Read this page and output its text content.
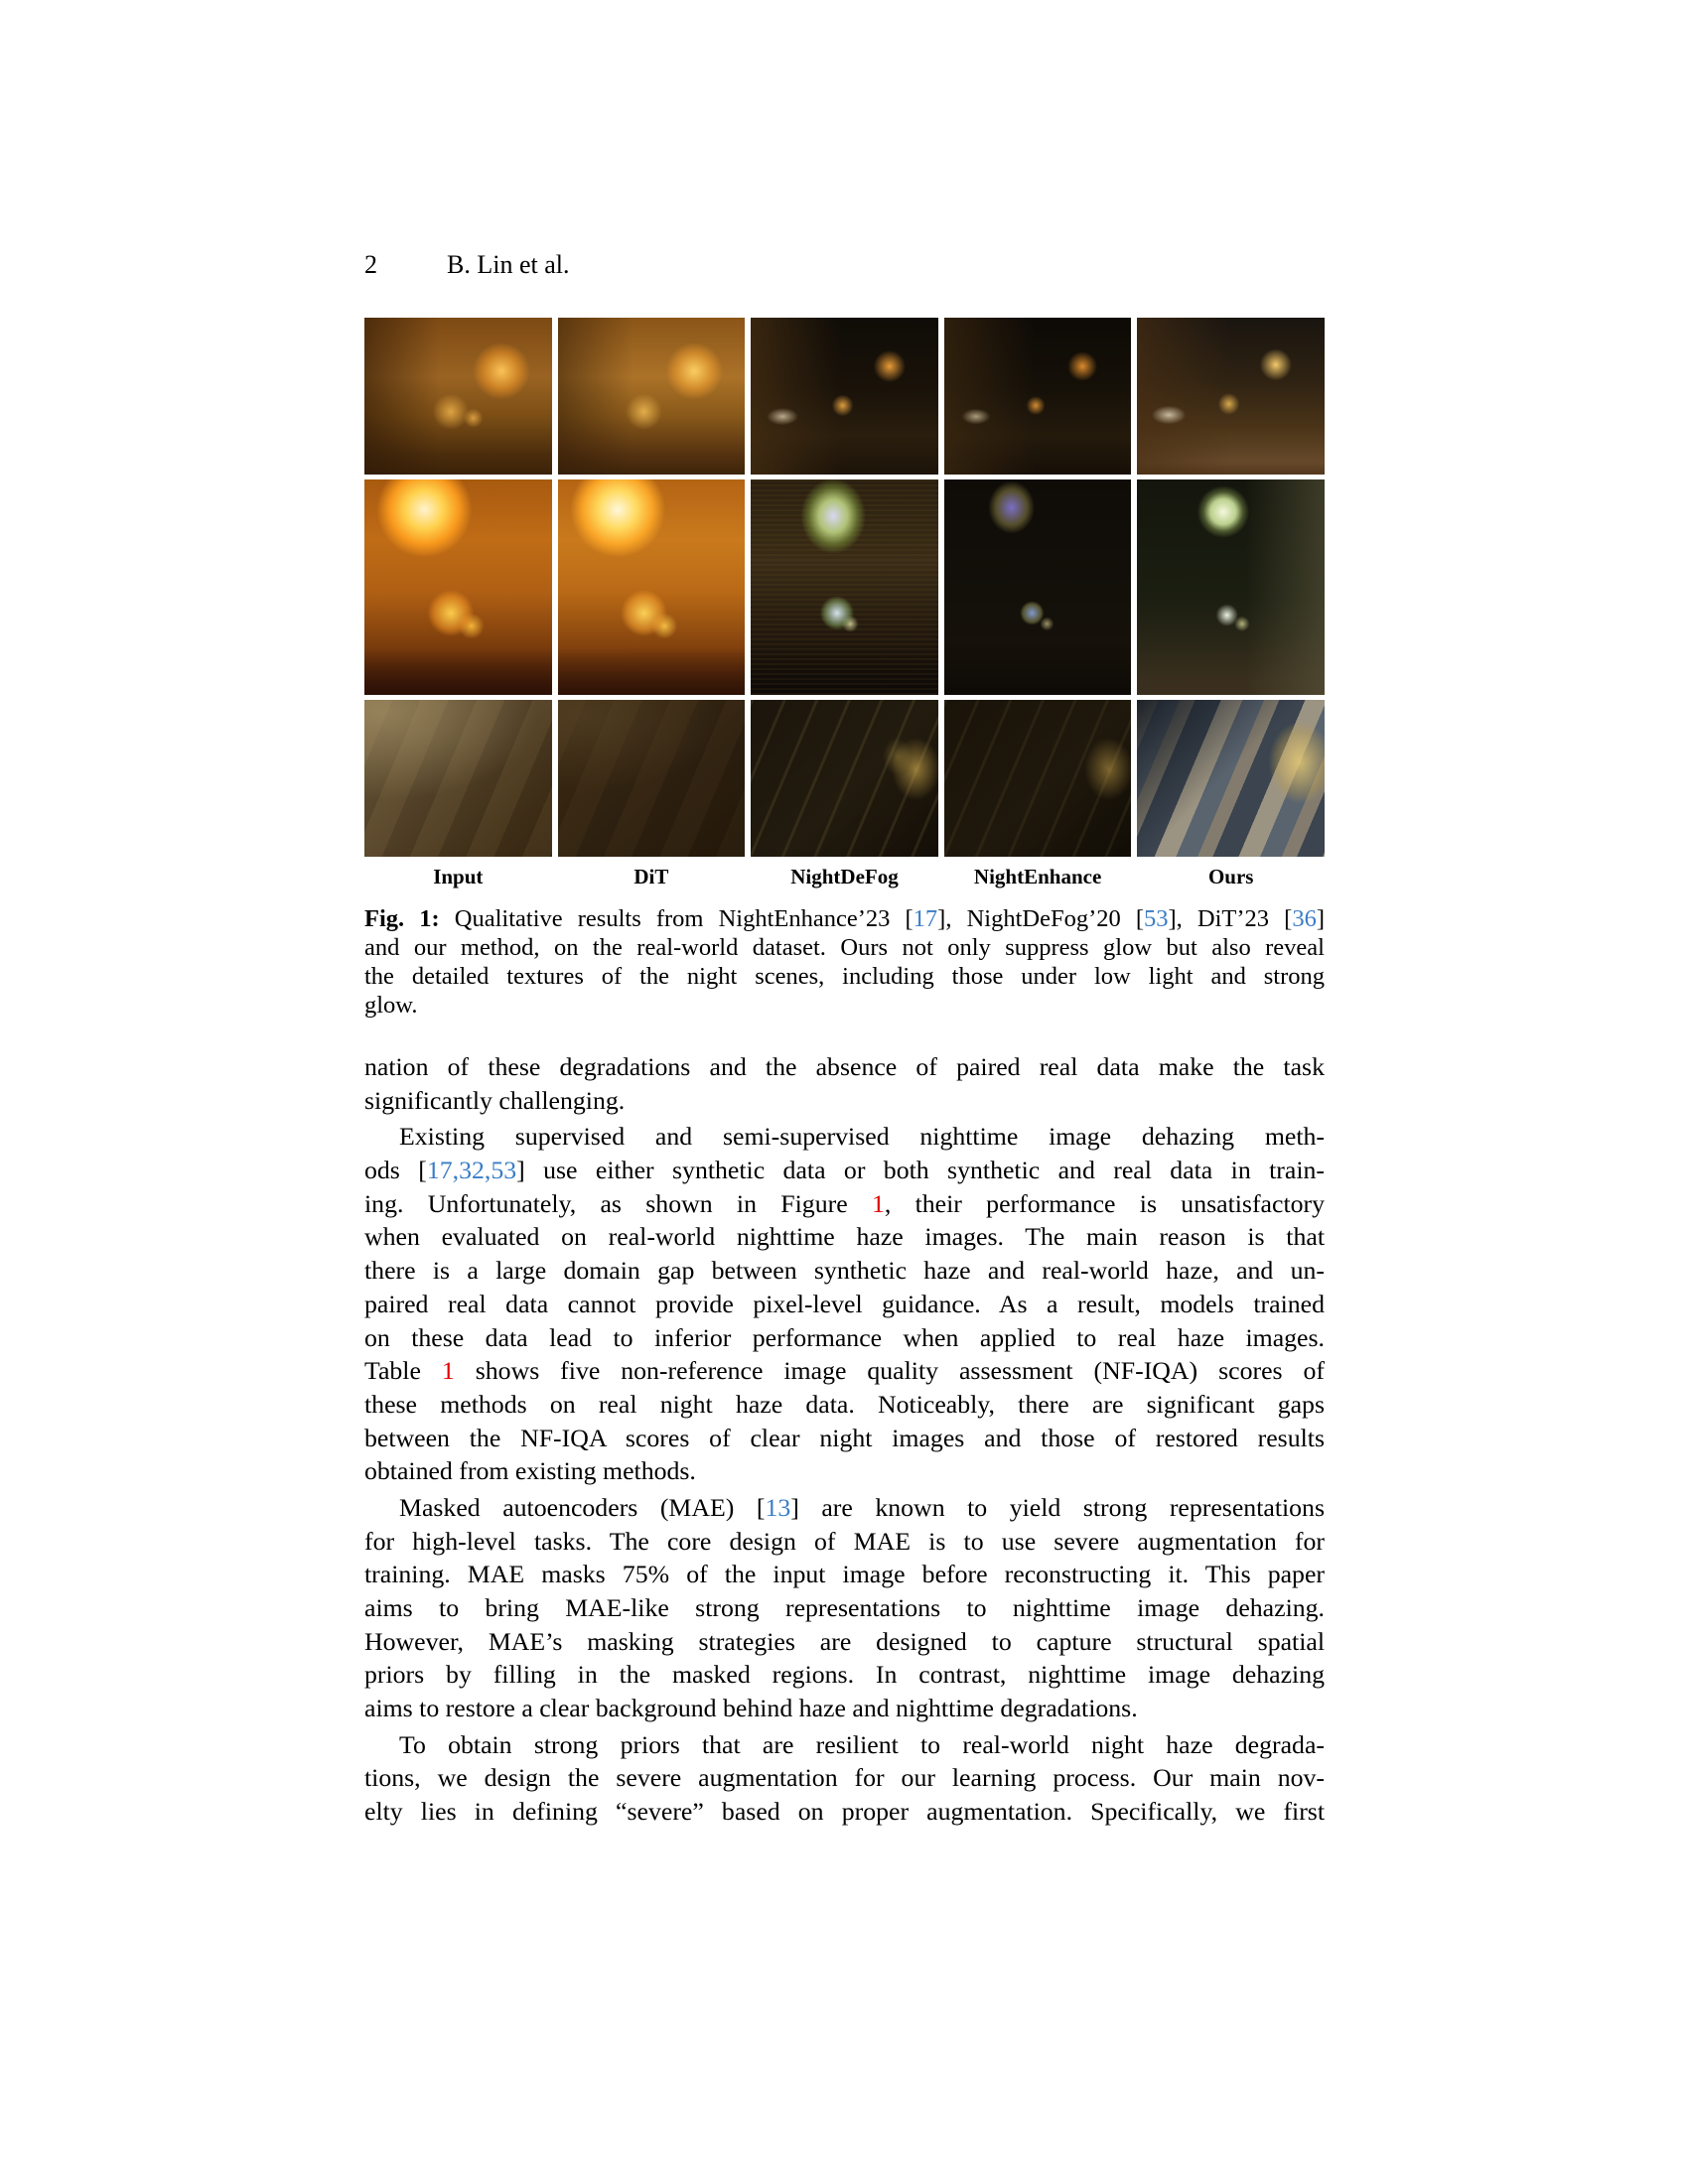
2	B. Lin et al.
Input	DiT	NightDeFog	NightEnhance	Ours
Fig. 1: Qualitative results from NightEnhance’23 [17], NightDeFog’20 [53], DiT’23 [36]
and our method, on the real-world dataset. Ours not only suppress glow but also reveal
the detailed textures of the night scenes, including those under low light and strong
glow.
nation of these degradations and the absence of paired real data make the task
significantly challenging.
Existing supervised and semi-supervised nighttime image dehazing meth-
ods [17,32,53] use either synthetic data or both synthetic and real data in train-
ing. Unfortunately, as shown in Figure 1, their performance is unsatisfactory
when evaluated on real-world nighttime haze images. The main reason is that
there is a large domain gap between synthetic haze and real-world haze, and un-
paired real data cannot provide pixel-level guidance. As a result, models trained
on these data lead to inferior performance when applied to real haze images.
Table 1 shows five non-reference image quality assessment (NF-IQA) scores of
these methods on real night haze data. Noticeably, there are significant gaps
between the NF-IQA scores of clear night images and those of restored results
obtained from existing methods.
Masked autoencoders (MAE) [13] are known to yield strong representations
for high-level tasks. The core design of MAE is to use severe augmentation for
training. MAE masks 75% of the input image before reconstructing it. This paper
aims to bring MAE-like strong representations to nighttime image dehazing.
However, MAE’s masking strategies are designed to capture structural spatial
priors by filling in the masked regions. In contrast, nighttime image dehazing
aims to restore a clear background behind haze and nighttime degradations.
To obtain strong priors that are resilient to real-world night haze degrada-
tions, we design the severe augmentation for our learning process. Our main nov-
elty lies in defining “severe” based on proper augmentation. Specifically, we first
